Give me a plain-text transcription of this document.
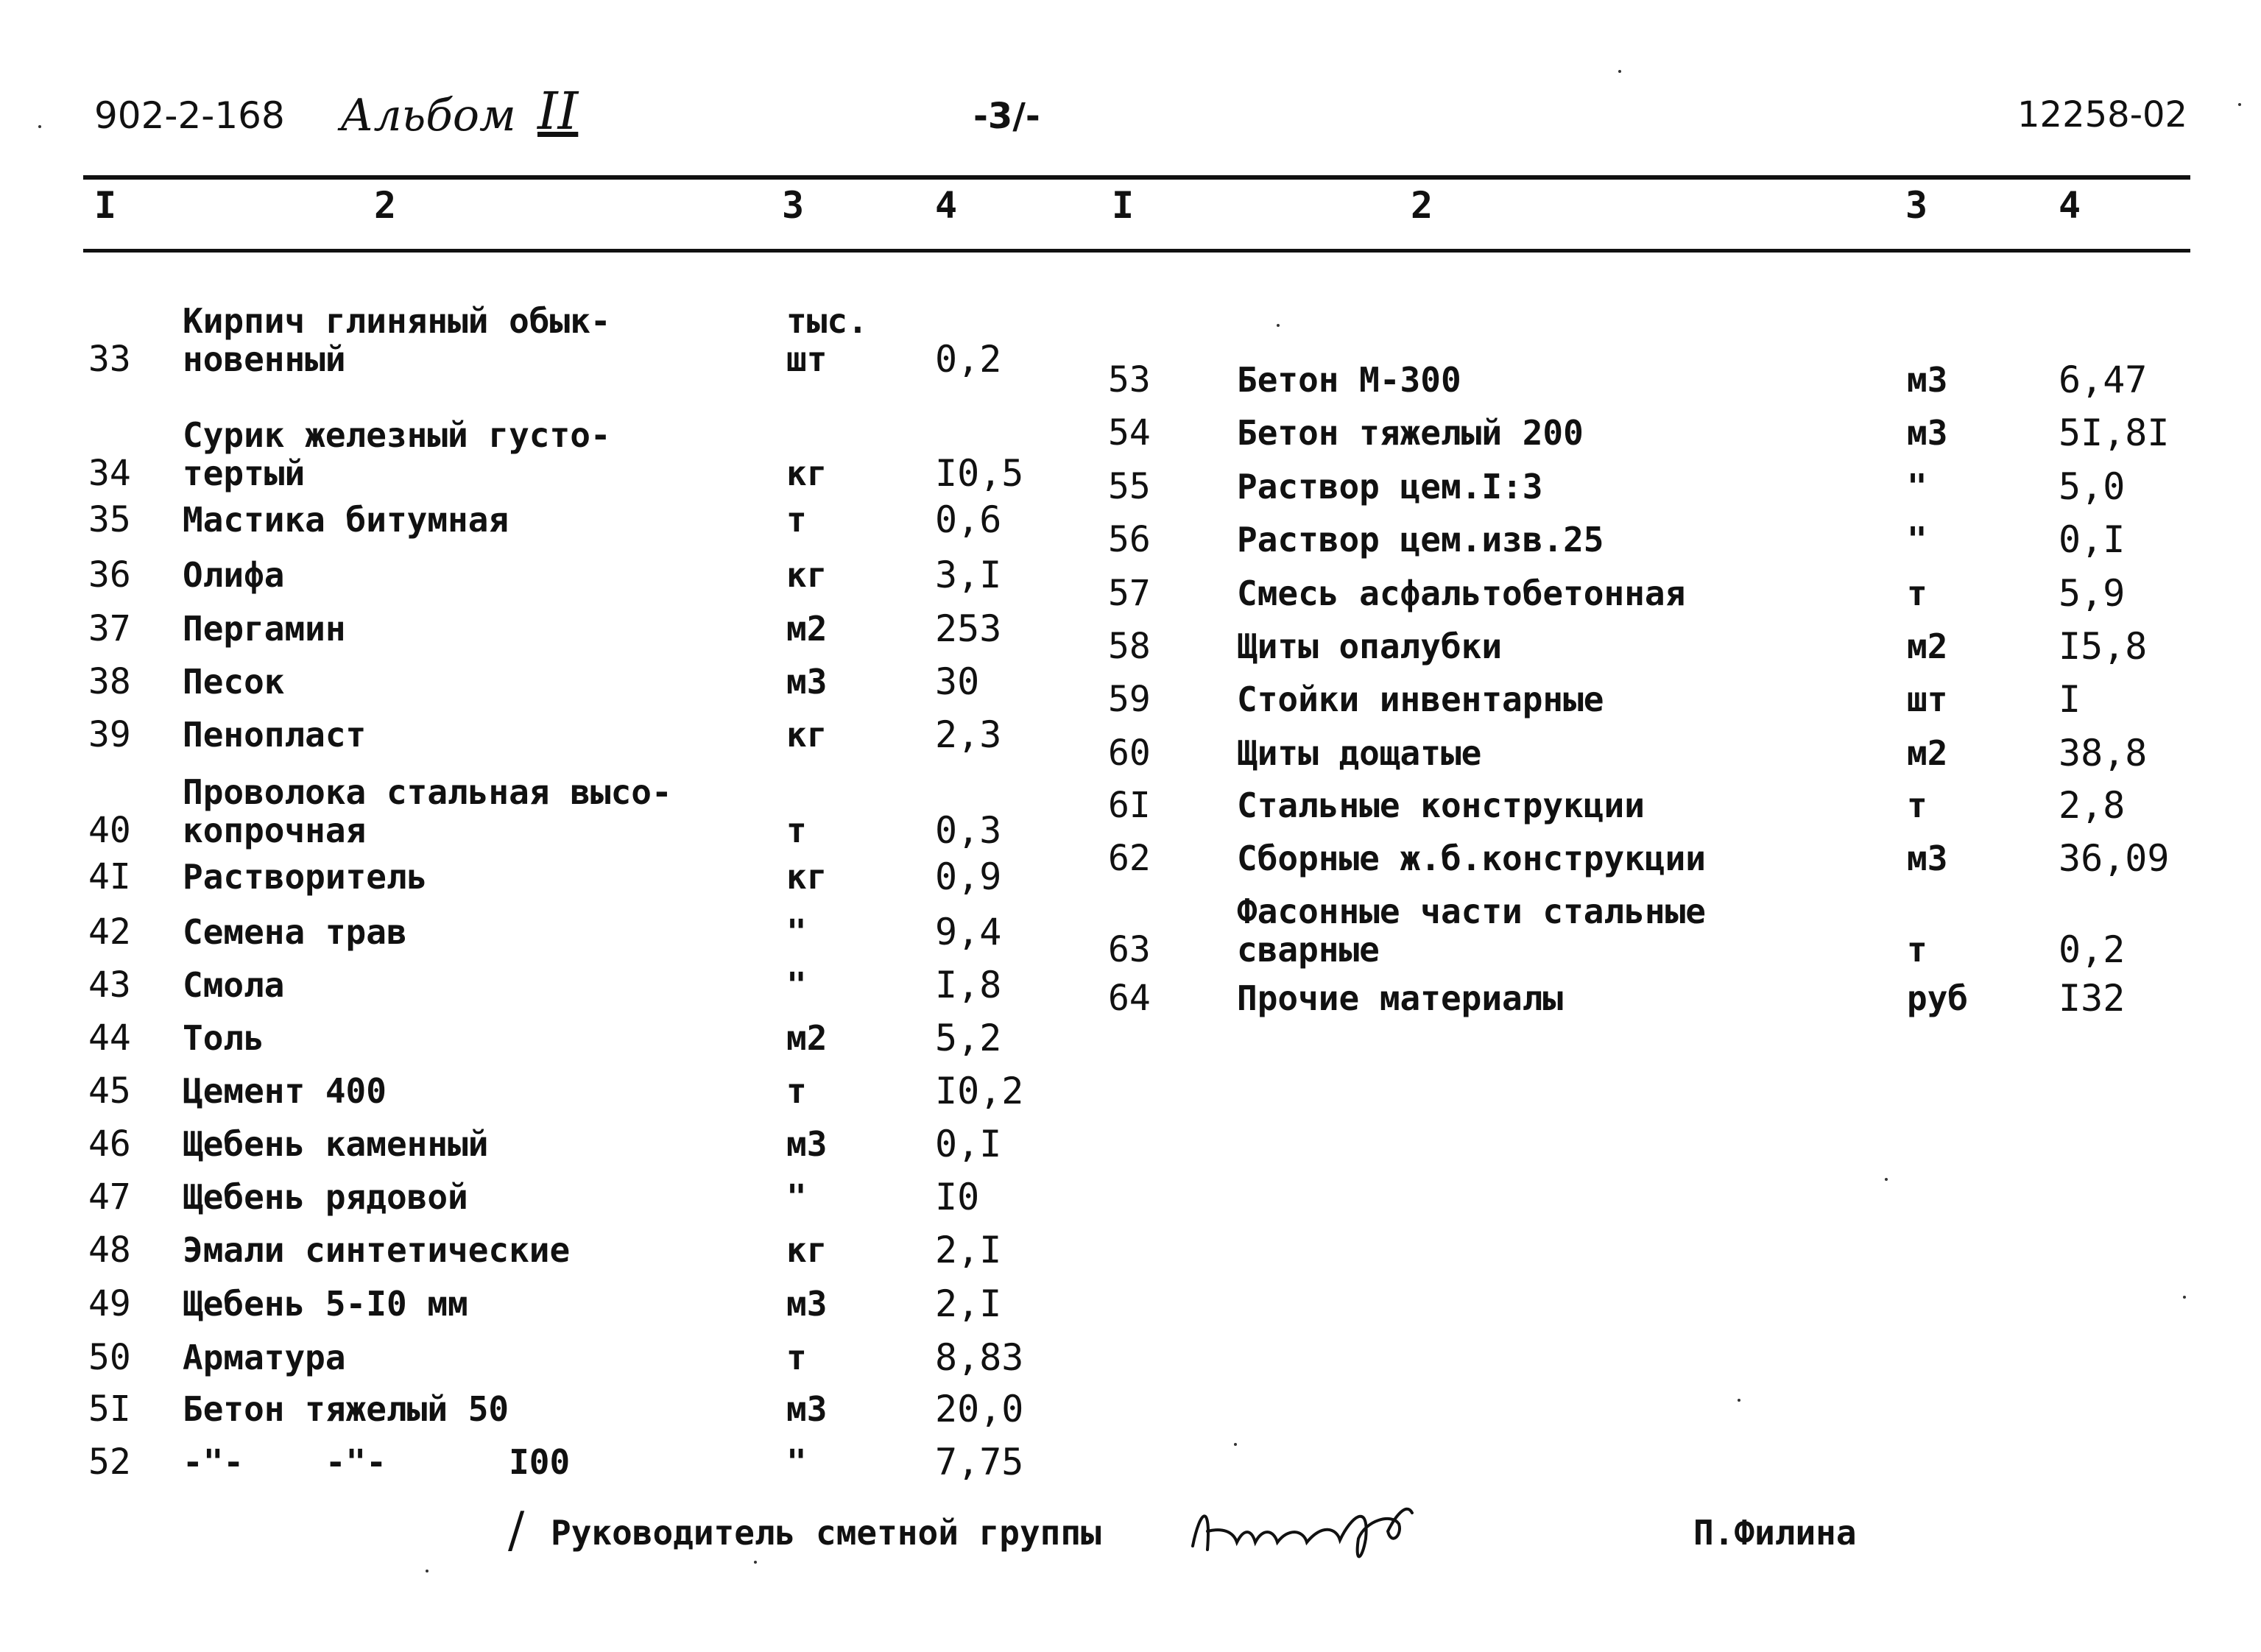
902-2-168 Альбом II	-3/-	12258-02
I	2	3	4	I	2	3	4
33
Кирпич глиняный обык-
новенный
тыс.
шт	0,2
34
Сурик железный густо-
тертый	кг	I0,5
35 Мастика битумная	т	0,6
36 Олифа	кг	3,I
37 Пергамин	м2	253
38 Песок	м3	30
39 Пенопласт	кг	2,3
40
Проволока стальная высо-
копрочная	т	0,3
4I Растворитель	кг	0,9
42 Семена трав	"	9,4
43 Смола	"	I,8
44 Толь	м2	5,2
45 Цемент 400	т	I0,2
46 Щебень каменный	м3	0,I
47 Щебень рядовой	"	I0
48 Эмали синтетические	кг	2,I
49 Щебень 5-I0 мм	м3	2,I
50 Арматура	т	8,83
5I Бетон тяжелый 50	м3	20,0
52 -"-    -"-      I00	"	7,75
53	Бетон М-300	м3	6,47
54	Бетон тяжелый 200	м3	5I,8I
55	Раствор цем.I:3	"	5,0
56	Раствор цем.изв.25	"	0,I
57	Смесь асфальтобетонная	т	5,9
58	Щиты опалубки	м2	I5,8
59	Стойки инвентарные	шт	I
60	Щиты дощатые	м2	38,8
6I	Стальные конструкции	т	2,8
62	Сборные ж.б.конструкции	м3	36,09
63
Фасонные части стальные
сварные	т	0,2
64	Прочие материалы	руб I32
/ Руководитель сметной группы	П.Филина
